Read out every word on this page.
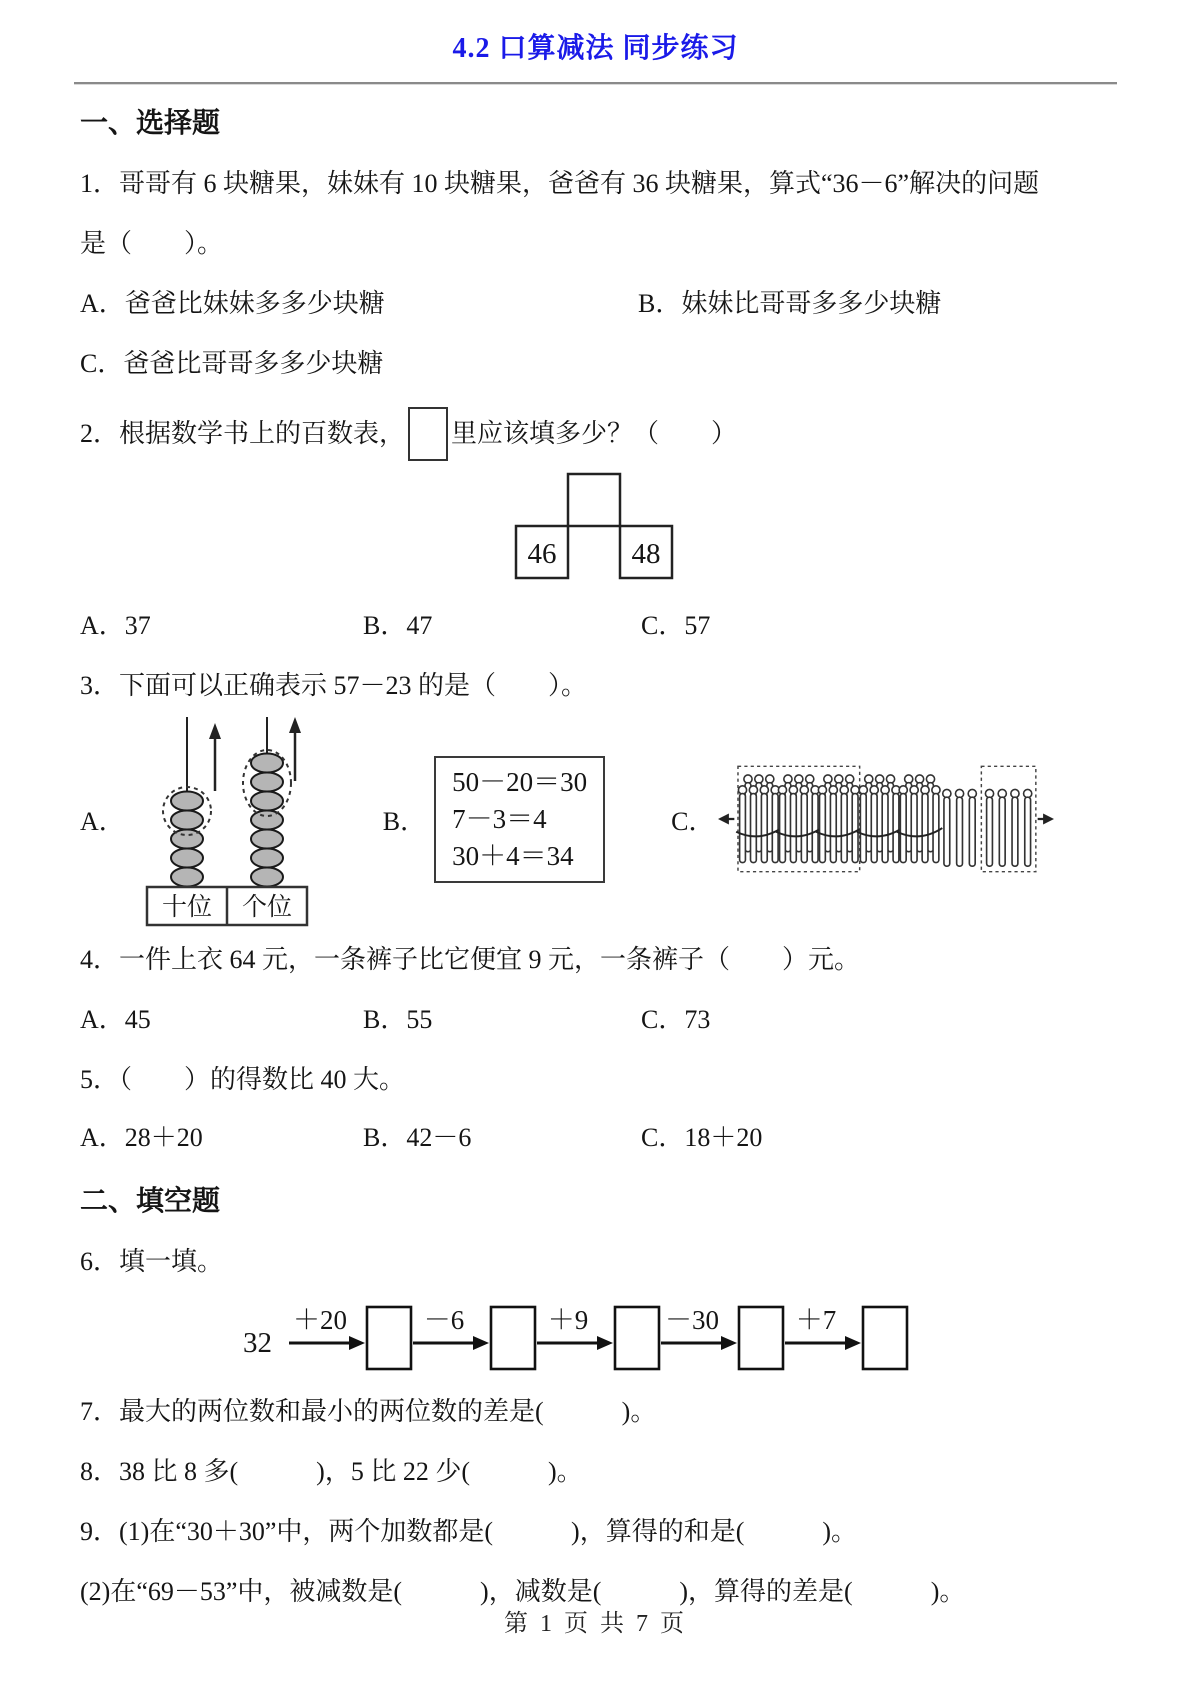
4.2 口算减法 同步练习

一、选择题

1．哥哥有 6 块糖果，妹妹有 10 块糖果，爸爸有 36 块糖果，算式“36－6”解决的问题

是（　　）。

A．爸爸比妹妹多多少块糖	B．妹妹比哥哥多多少块糖

C．爸爸比哥哥多多少块糖

2．根据数学书上的百数表， 里应该填多少？（　　）

46	48
A．37	B．47	C．57

3．下面可以正确表示 57－23 的是（　　）。

A．
十位 个位
B．
50－20＝30
7－3＝4
30＋4＝34
C．

4．一件上衣 64 元，一条裤子比它便宜 9 元，一条裤子（　　）元。

A．45	B．55	C．73

5．（　　）的得数比 40 大。

A．28＋20	B．42－6	C．18＋20

二、填空题

6．填一填。

32
＋20	－6	＋9	－30	＋7

7．最大的两位数和最小的两位数的差是(　　　)。

8．38 比 8 多(　　　)，5 比 22 少(　　　)。

9．(1)在“30＋30”中，两个加数都是(　　　)，算得的和是(　　　)。

(2)在“69－53”中，被减数是(　　　)，减数是(　　　)，算得的差是(　　　)。

第 1 页 共 7 页
